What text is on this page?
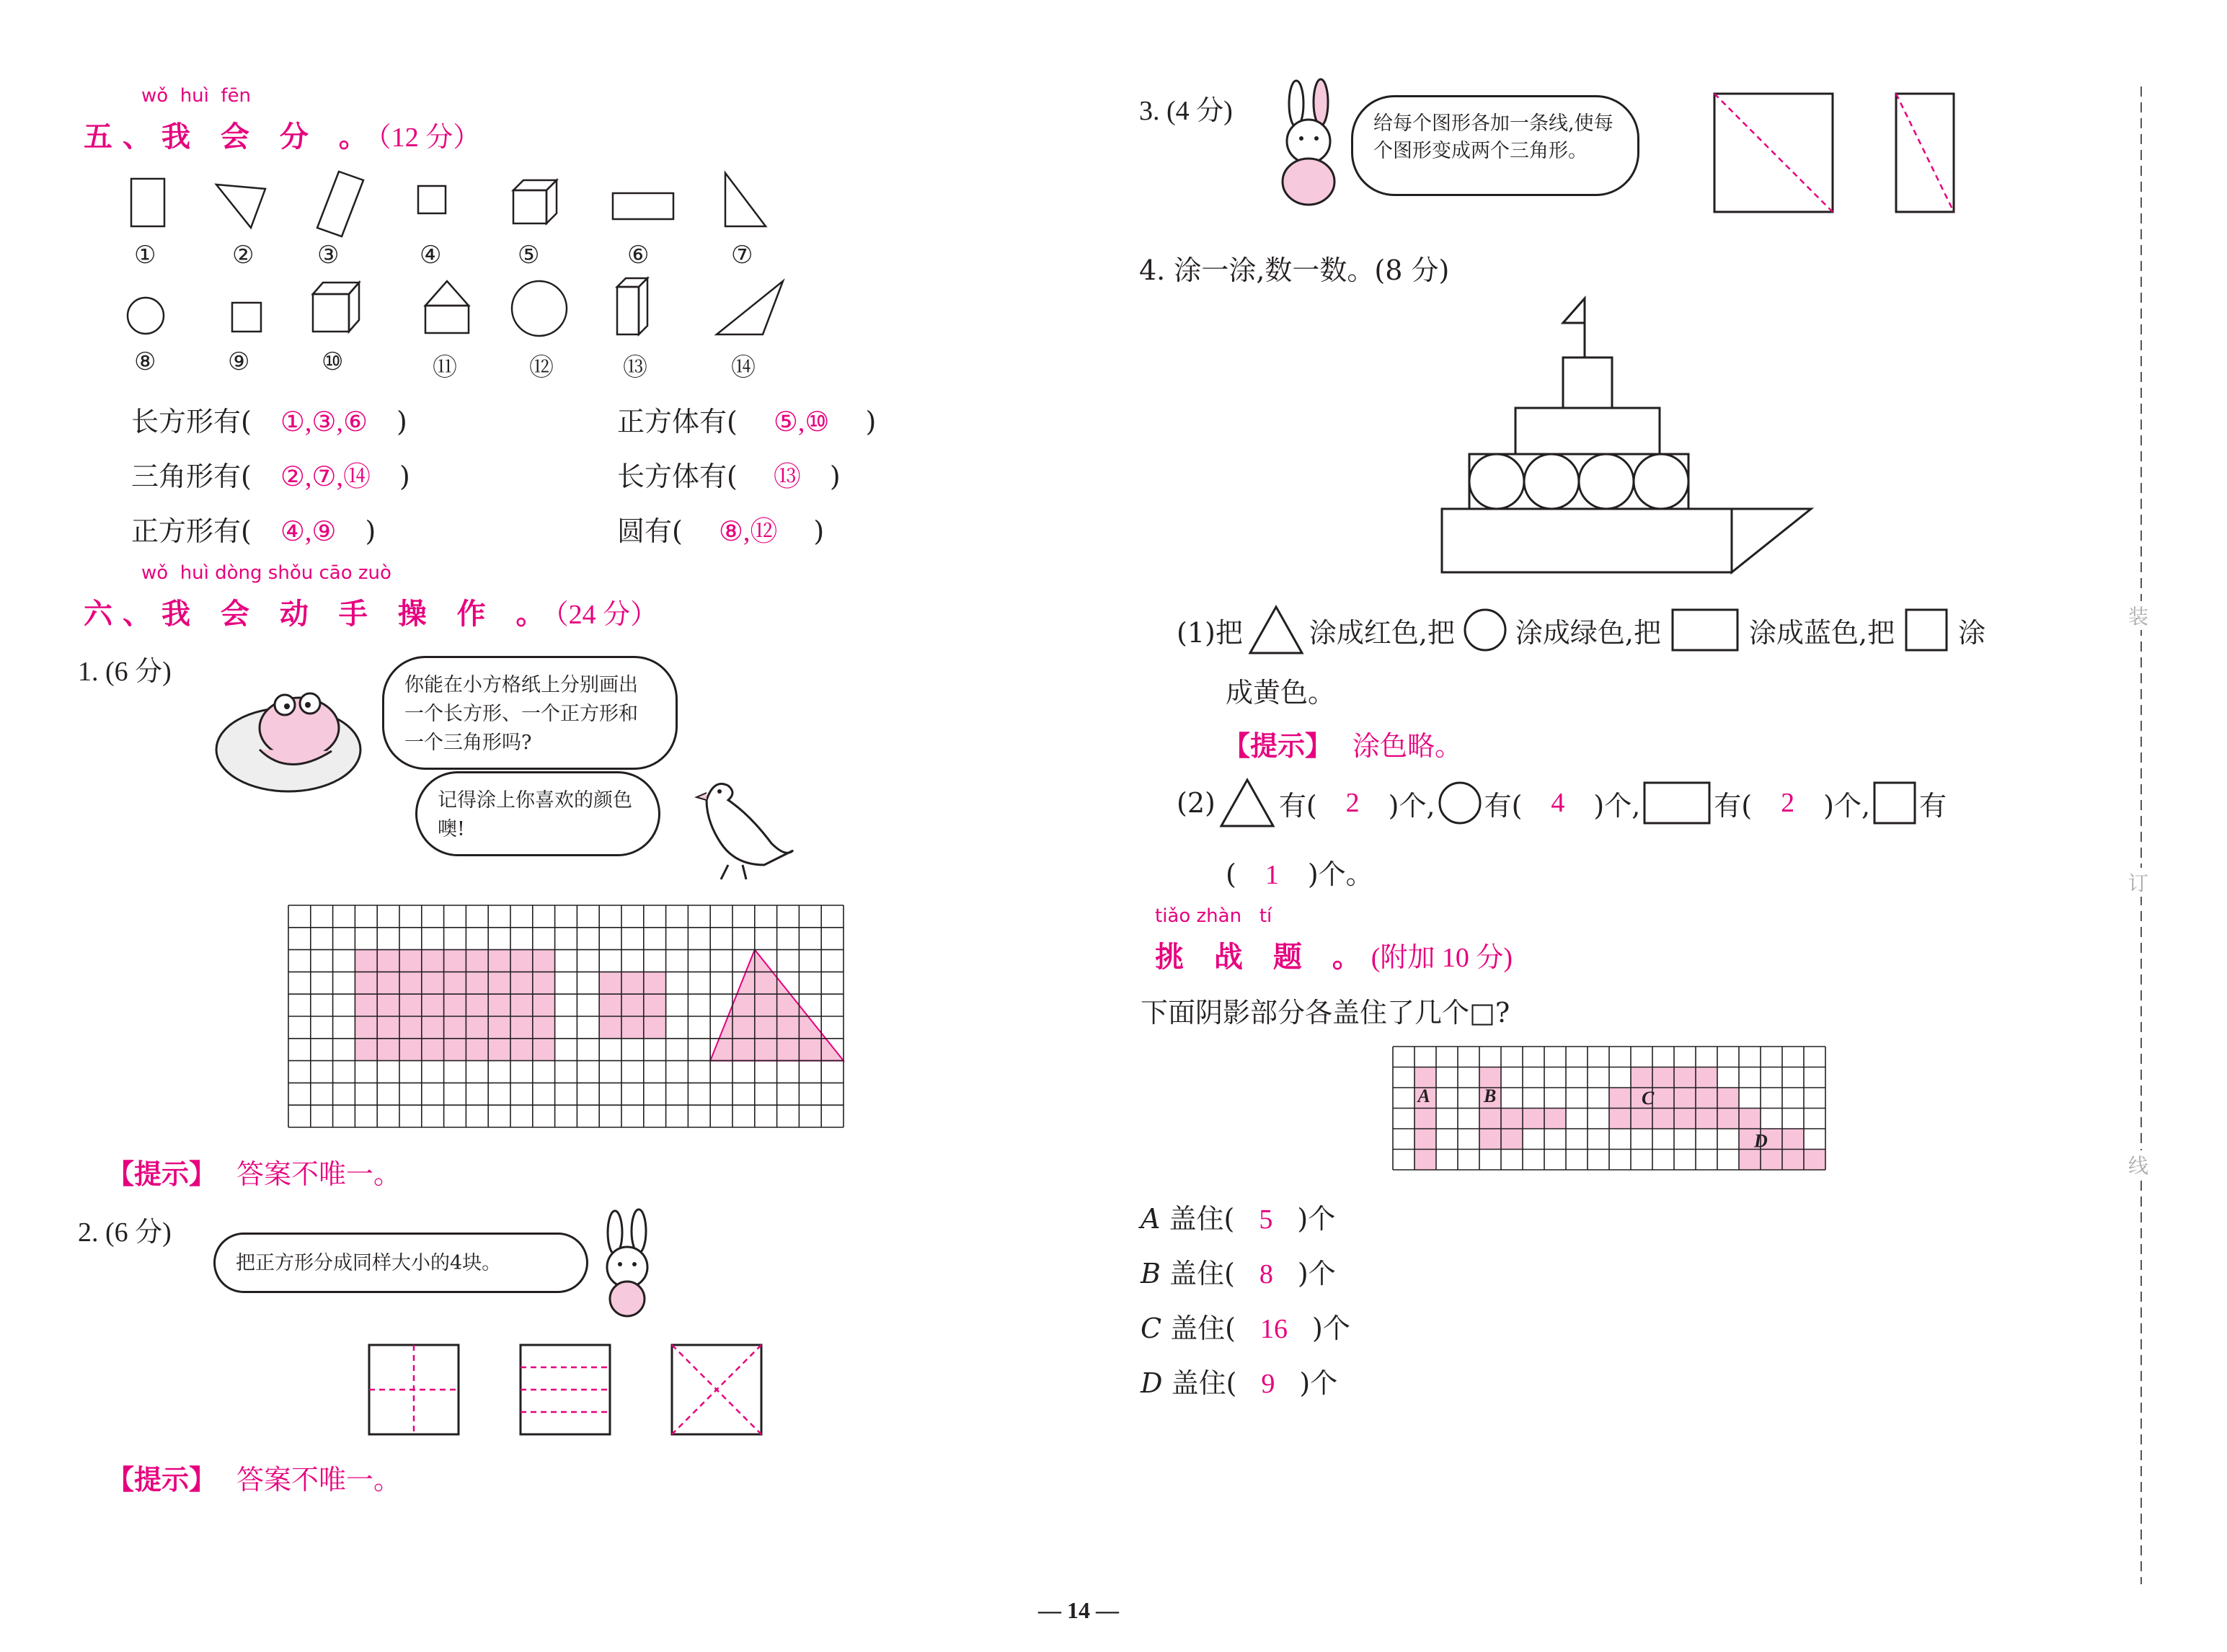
wǒ  huì  fēn
五、我 会 分 。（12 分）
①	②	③	④	⑤	⑥	⑦
⑧	⑨	⑩	⑪	⑫	⑬	⑭
长方形有( ①,③,⑥ )
三角形有( ②,⑦,⑭ )
正方形有( ④,⑨ )
正方体有( ⑤,⑩ )
长方体有( ⑬ )
圆有( ⑧,⑫ )
wǒ  huì dòng shǒu cāo zuò
六、我 会 动 手 操 作 。（24 分）
1. (6 分)	你能在小方格纸上分别画出一个长方形、一个正方形和一个三角形吗?
记得涂上你喜欢的颜色噢!
【提示】 答案不唯一。
2. (6 分)
把正方形分成同样大小的4块。
【提示】 答案不唯一。
3. (4 分)	给每个图形各加一条线,使每个图形变成两个三角形。
4. 涂一涂,数一数。(8 分)
(1)把 涂成红色,把 涂成绿色,把	涂成蓝色,把 涂
成黄色。
【提示】 涂色略。
(2) 有( 2 )个, 有( 4 )个,	有( 2 )个, 有
( 1 )个。
tiǎo zhàn   tí
挑 战 题 。(附加 10 分)
下面阴影部分各盖住了几个□?
A	B	C
D
A 盖住( 5 )个
B 盖住( 8 )个
C 盖住( 16 )个
D 盖住( 9 )个
装
订
线
— 14 —
